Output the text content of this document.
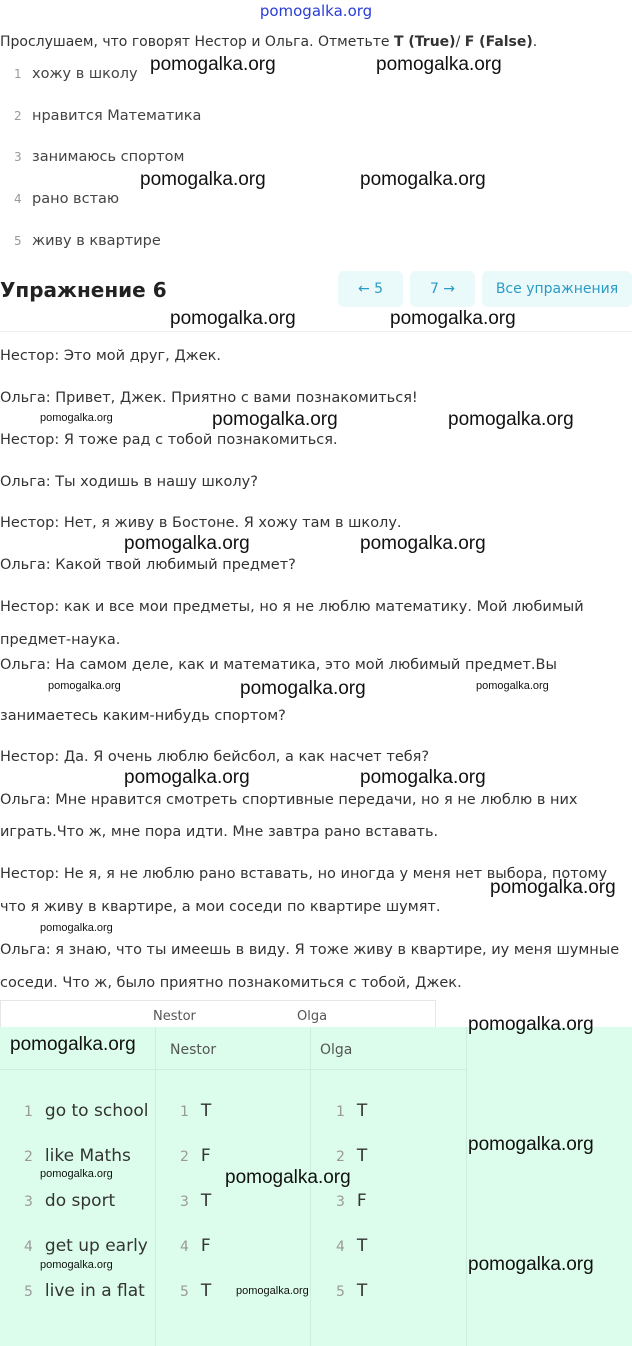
pomogalka.org
Прослушаем, что говорят Нестор и Ольга. Отметьте T (True)/ F (False).
1 хожу в школу
2 нравится Математика
3 занимаюсь спортом
4 рано встаю
5 живу в квартире
Упражнение 6	← 5	7 →	Все упражнения
Нестор: Это мой друг, Джек.
Ольга: Привет, Джек. Приятно с вами познакомиться!
Нестор: Я тоже рад с тобой познакомиться.
Ольга: Ты ходишь в нашу школу?
Нестор: Нет, я живу в Бостоне. Я хожу там в школу.
Ольга: Какой твой любимый предмет?
Нестор: как и все мои предметы, но я не люблю математику. Мой любимый
предмет-наука.
Ольга: На самом деле, как и математика, это мой любимый предмет.Вы
занимаетесь каким-нибудь спортом?
Нестор: Да. Я очень люблю бейсбол, а как насчет тебя?
Ольга: Мне нравится смотреть спортивные передачи, но я не люблю в них
играть.Что ж, мне пора идти. Мне завтра рано вставать.
Нестор: Не я, я не люблю рано вставать, но иногда у меня нет выбора, потому
что я живу в квартире, а мои соседи по квартире шумят.
Ольга: я знаю, что ты имеешь в виду. Я тоже живу в квартире, иу меня шумные
соседи. Что ж, было приятно познакомиться с тобой, Джек.
Nestor	Olga
Nestor	Olga
1 go to school 1 T	1 T
2 like Maths	2 F	2 T
3 do sport	3 T	3 F
4 get up early 4 F	4 T
5 live in a flat	5 T	5 T
pomogalka.org	pomogalka.org
pomogalka.org	pomogalka.org
pomogalka.org	pomogalka.org
pomogalka.org	pomogalka.org
pomogalka.org
pomogalka.org	pomogalka.org
pomogalka.org
pomogalka.org	pomogalka.org
pomogalka.org	pomogalka.org
pomogalka.org
pomogalka.org
pomogalka.org
pomogalka.org
pomogalka.org
pomogalka.org	pomogalka.org
pomogalka.org
pomogalka.org
pomogalka.org
